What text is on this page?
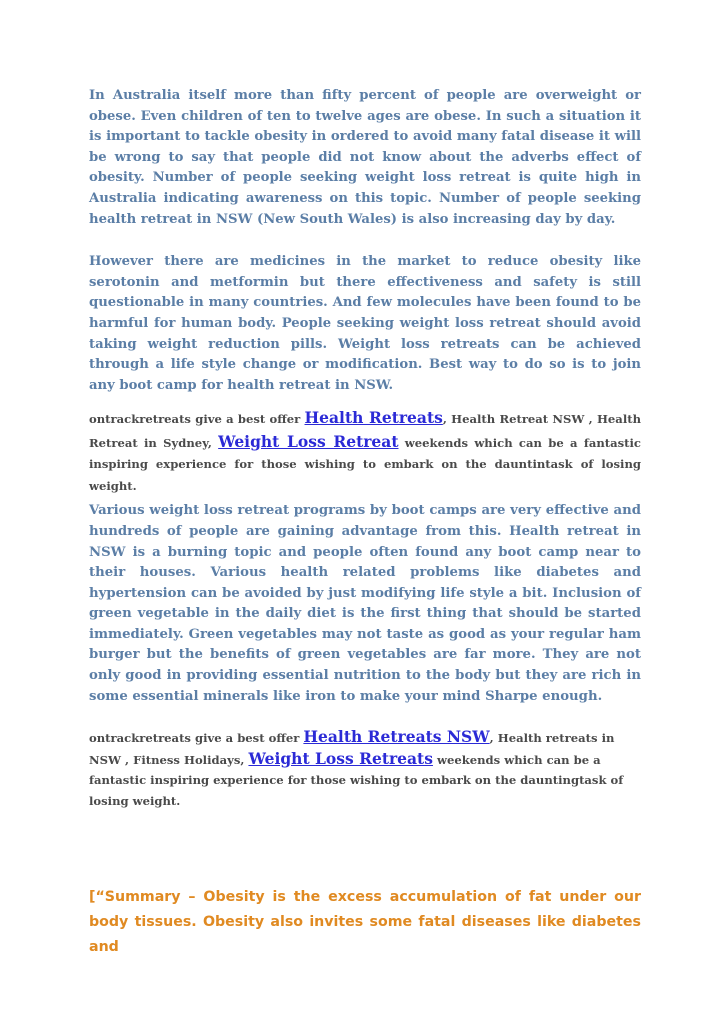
In Australia itself more than fifty percent of people are overweight or obese. Even children of ten to twelve ages are obese. In such a situation it is important to tackle obesity in ordered to avoid many fatal disease it will be wrong to say that people did not know about the adverbs effect of obesity. Number of people seeking weight loss retreat is quite high in Australia indicating awareness on this topic. Number of people seeking health retreat in NSW (New South Wales) is also increasing day by day.

However there are medicines in the market to reduce obesity like serotonin and metformin but there effectiveness and safety is still questionable in many countries. And few molecules have been found to be harmful for human body. People seeking weight loss retreat should avoid taking weight reduction pills. Weight loss retreats can be achieved through a life style change or modification. Best way to do so is to join any boot camp for health retreat in NSW.

ontrackretreats give a best offer Health Retreats, Health Retreat NSW , Health Retreat in Sydney, Weight Loss Retreat weekends which can be a fantastic inspiring experience for those wishing to embark on the dauntintask of losing weight.

Various weight loss retreat programs by boot camps are very effective and hundreds of people are gaining advantage from this. Health retreat in NSW is a burning topic and people often found any boot camp near to their houses. Various health related problems like diabetes and hypertension can be avoided by just modifying life style a bit. Inclusion of green vegetable in the daily diet is the first thing that should be started immediately. Green vegetables may not taste as good as your regular ham burger but the benefits of green vegetables are far more. They are not only good in providing essential nutrition to the body but they are rich in some essential minerals like iron to make your mind Sharpe enough.

ontrackretreats give a best offer Health Retreats NSW, Health retreats in NSW , Fitness Holidays, Weight Loss Retreats weekends which can be a fantastic inspiring experience for those wishing to embark on the dauntingtask of losing weight.

[“Summary – Obesity is the excess accumulation of fat under our body tissues. Obesity also invites some fatal diseases like diabetes and
